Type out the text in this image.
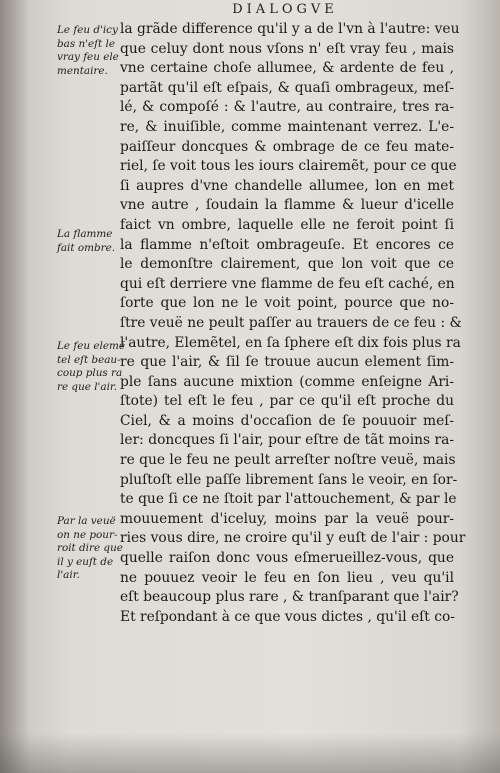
DIALOGVE
la grãde difference qu'il y a de l'vn à l'autre: veu
que celuy dont nous vſons n' eſt vray feu , mais
vne certaine choſe allumee, & ardente de feu ,
partãt qu'il eſt eſpais, & quaſi ombrageux, meſ-
lé, & compoſé : & l'autre, au contraire, tres ra-
re, & inuiſible, comme maintenant verrez. L'e-
paiſſeur doncques & ombrage de ce feu mate-
riel, ſe voit tous les iours clairemẽt, pour ce que
ſi aupres d'vne chandelle allumee, lon en met
vne autre , ſoudain la flamme & lueur d'icelle
faict vn ombre, laquelle elle ne feroit point ſi
la flamme n'eſtoit ombrageuſe. Et encores ce
le demonſtre clairement, que lon voit que ce
qui eſt derriere vne flamme de feu eſt caché, en
ſorte que lon ne le voit point, pource que no-
ſtre veuë ne peult paſſer au trauers de ce feu : &
l'autre, Elemẽtel, en ſa ſphere eſt dix fois plus ra
re que l'air, & ſil ſe trouue aucun element ſim-
ple ſans aucune mixtion (comme enſeigne Ari-
ſtote) tel eſt le feu , par ce qu'il eſt proche du
Ciel, & a moins d'occaſion de ſe pouuoir meſ-
ler: doncques ſi l'air, pour eſtre de tãt moins ra-
re que le feu ne peult arreſter noſtre veuë, mais
pluſtoſt elle paſſe librement ſans le veoir, en ſor-
te que ſi ce ne ſtoit par l'attouchement, & par le
mouuement d'iceluy, moins par la veuë pour-
ries vous dire, ne croire qu'il y euſt de l'air : pour
quelle raiſon donc vous eſmerueillez-vous, que
ne pouuez veoir le feu en ſon lieu , veu qu'il
eſt beaucoup plus rare , & tranſparant que l'air?
Et reſpondant à ce que vous dictes , qu'il eſt co-
Le feu d'icy
bas n'eſt le
vray feu ele
mentaire.
La flamme
fait ombre.
Le feu elemẽ
tel eſt beau-
coup plus ra
re que l'air.
Par la veuë
on ne pour-
roit dire que
il y euſt de
l'air.
